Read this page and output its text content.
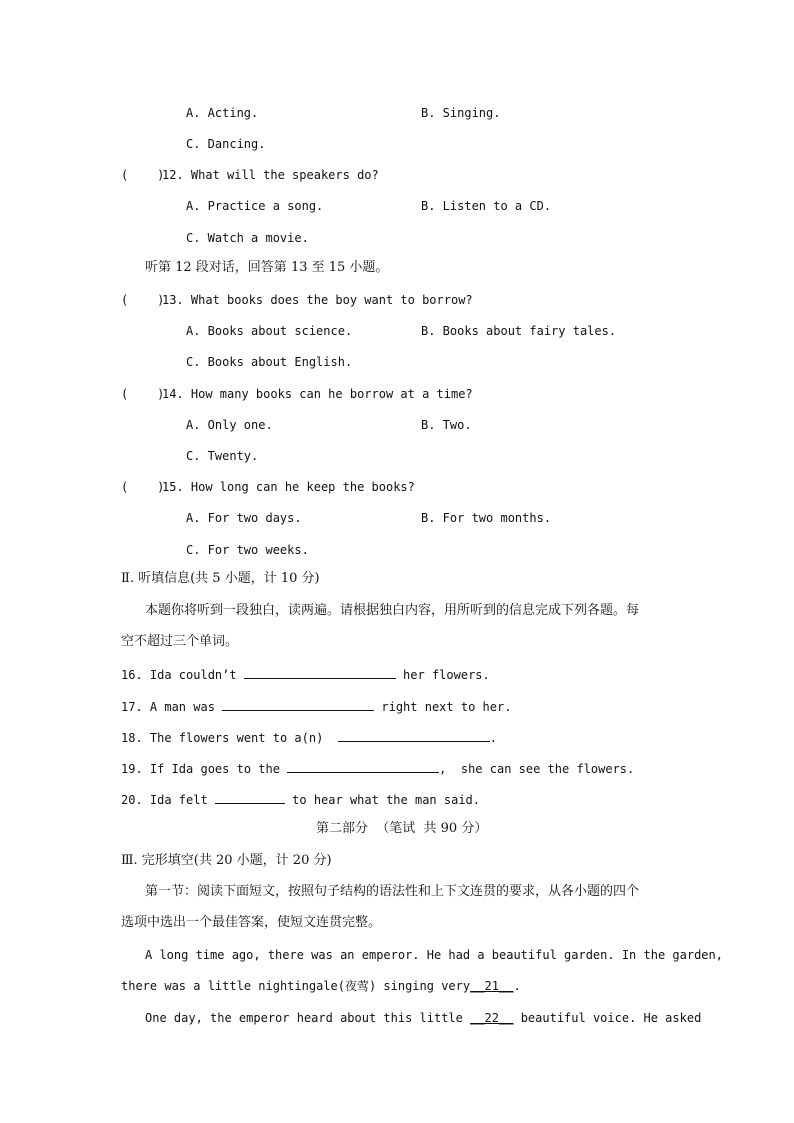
A. Acting.	B. Singing.
C. Dancing.
(    )
12. What will the speakers do?
A. Practice a song.	B. Listen to a CD.
C. Watch a movie.
听第 12 段对话，回答第 13 至 15 小题。
(    )
13. What books does the boy want to borrow?
A. Books about science.	B. Books about fairy tales.
C. Books about English.
(    )
14. How many books can he borrow at a time?
A. Only one.	B. Two.
C. Twenty.
(    )
15. How long can he keep the books?
A. For two days.	B. For two months.
C. For two weeks.
Ⅱ. 听填信息(共 5 小题，计 10 分)
本题你将听到一段独白，读两遍。请根据独白内容，用所听到的信息完成下列各题。每
空不超过三个单词。
16. Ida couldn’t	her flowers.
17. A man was	right next to her.
18. The flowers went to a(n)	.
19. If Ida goes to the	,  she can see the flowers.
20. Ida felt	to hear what the man said.
第二部分  （笔试  共 90 分）
Ⅲ. 完形填空(共 20 小题，计 20 分)
第一节：阅读下面短文，按照句子结构的语法性和上下文连贯的要求，从各小题的四个
选项中选出一个最佳答案，使短文连贯完整。
A long time ago, there was an emperor. He had a beautiful garden. In the garden,
there was a little nightingale(夜莺) singing very__21__.
One day, the emperor heard about this little __22__ beautiful voice. He asked
